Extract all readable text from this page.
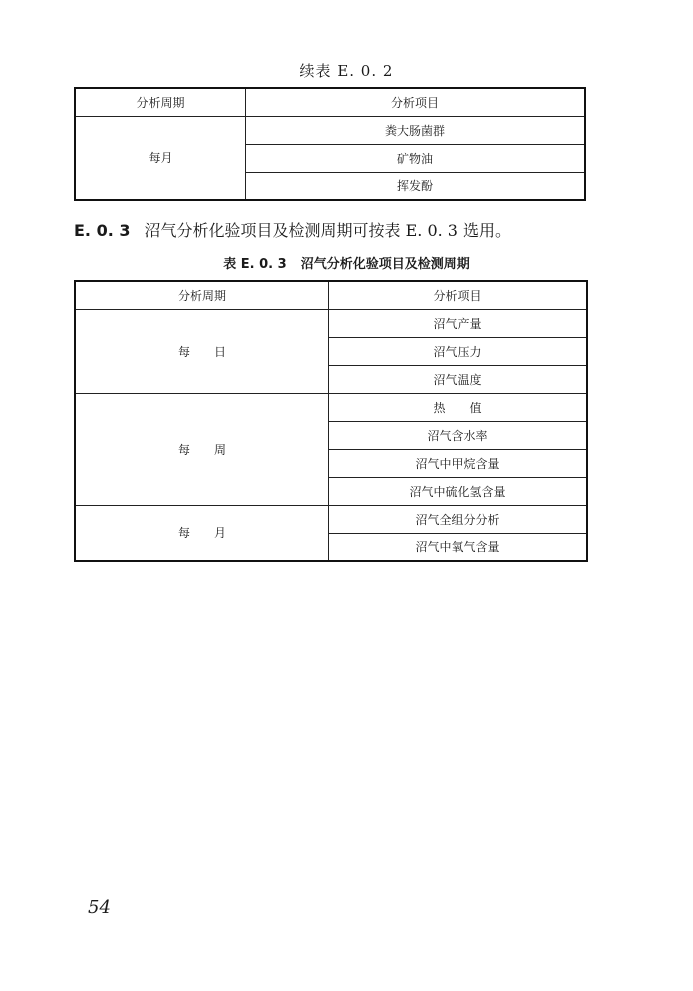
续表 E. 0. 2
分析周期	分析项目
每月	粪大肠菌群
	矿物油
	挥发酚
E. 0. 3 沼气分析化验项目及检测周期可按表 E. 0. 3 选用。
表 E. 0. 3 沼气分析化验项目及检测周期
分析周期	分析项目
每　　日	沼气产量
	沼气压力
	沼气温度
每　　周	热　　值
	沼气含水率
	沼气中甲烷含量
	沼气中硫化氢含量
每　　月	沼气全组分分析
	沼气中氧气含量
54
